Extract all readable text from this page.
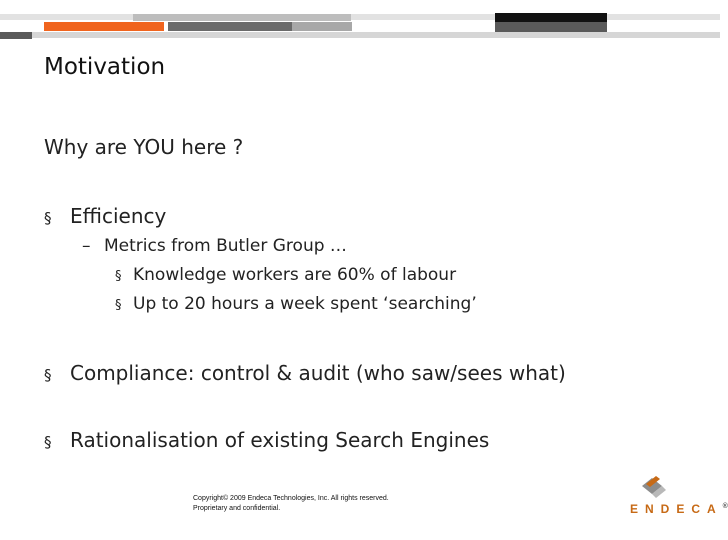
Motivation
Why are YOU here ?
§ Efficiency
– Metrics from Butler Group …
§ Knowledge workers are 60% of labour
§ Up to 20 hours a week spent ‘searching’
§ Compliance: control & audit (who saw/sees what)
§ Rationalisation of existing Search Engines
Copyright© 2009 Endeca Technologies, Inc. All rights reserved.
Proprietary and confidential.	ENDECA®
